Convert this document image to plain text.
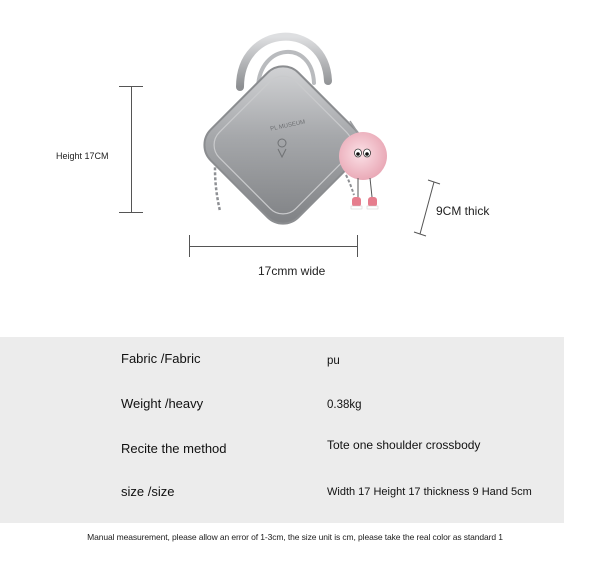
Height 17CM
PL MUSEUM
9CM thick
17cmm wide
Fabric /Fabric	pu
Weight /heavy	0.38kg
Recite the method	Tote one shoulder crossbody
size /size	Width 17 Height 17 thickness 9 Hand 5cm
Manual measurement, please allow an error of 1-3cm, the size unit is cm, please take the real color as standard 1
